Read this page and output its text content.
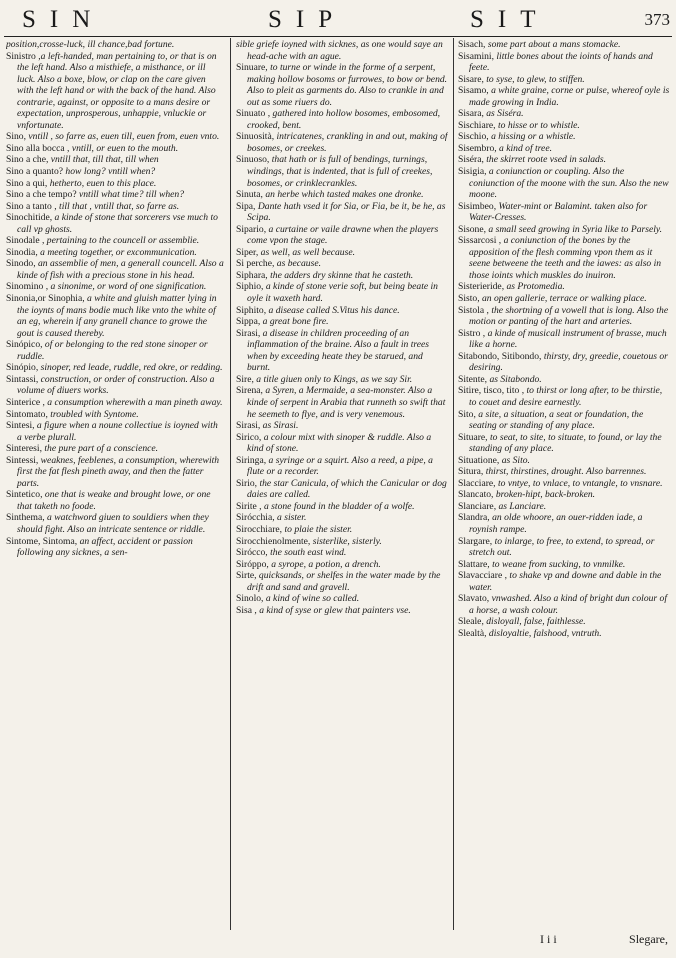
SIN	SIP	SIT	373

position,crosse-luck, ill chance,bad fortune.

Sinistro ,a left-handed, man pertaining to, or that is on the left hand. Also a misthiefe, a misthance, or ill luck. Also a boxe, blow, or clap on the care given with the left hand or with the back of the hand. Also contrarie, against, or opposite to a mans desire or expectation, unprosperous, unhappie, vnluckie or vnfortunate.

Sino, vntill , so farre as, euen till, euen from, euen vnto.

Sino alla bocca , vntill, or euen to the mouth.

Sino a che, vntill that, till that, till when

Sino a quanto? how long? vntill when?

Sino a qui, hetherto, euen to this place.

Sino a che tempo? vntill what time? till when?

Sino a tanto , till that , vntill that, so farre as.

Sinochitide, a kinde of stone that sorcerers vse much to call vp ghosts.

Sinodale , pertaining to the councell or assemblie.

Sinodia, a meeting together, or excommunication.

Sinodo, an assemblie of men, a generall councell. Also a kinde of fish with a precious stone in his head.

Sinomino , a sinonime, or word of one signification.

Sinonia,or Sinophia, a white and gluish matter lying in the ioynts of mans bodie much like vnto the white of an eg, wherein if any granell chance to growe the gout is caused thereby.

Sinópico, of or belonging to the red stone sinoper or ruddle.

Sinópio, sinoper, red leade, ruddle, red okre, or redding.

Sintassi, construction, or order of construction. Also a volume of diuers works.

Sinterice , a consumption wherewith a man pineth away.

Sintomato, troubled with Syntome.

Sintesi, a figure when a noune collectiue is ioyned with a verbe plurall.

Sinteresi, the pure part of a conscience.

Sintessi, weaknes, feeblenes, a consumption, wherewith first the fat flesh pineth away, and then the fatter parts.

Sintetico, one that is weake and brought lowe, or one that taketh no foode.

Sinthema, a watchword giuen to souldiers when they should fight. Also an intricate sentence or riddle.

Sintome, Sintoma, an affect, accident or passion following any sicknes, a sen-

sible griefe ioyned with sicknes, as one would saye an head-ache with an ague.

Sinuare, to turne or winde in the forme of a serpent, making hollow bosoms or furrowes, to bow or bend. Also to pleit as garments do. Also to crankle in and out as some riuers do.

Sinuato , gathered into hollow bosomes, embosomed, crooked, bent.

Sinuosità, intricatenes, crankling in and out, making of bosomes, or creekes.

Sinuoso, that hath or is full of bendings, turnings, windings, that is indented, that is full of creekes, bosomes, or crinklecrankles.

Sinuta, an herbe which tasted makes one dronke.

Sipa, Dante hath vsed it for Sia, or Fia, be it, be he, as Scipa.

Sipario, a curtaine or vaile drawne when the players come vpon the stage.

Siper, as well, as well because.

Si perche, as because.

Siphara, the adders dry skinne that he casteth.

Siphio, a kinde of stone verie soft, but being beate in oyle it waxeth hard.

Siphito, a disease called S.Vitus his dance.

Sippa, a great bone fire.

Sirasi, a disease in children proceeding of an inflammation of the braine. Also a fault in trees when by exceeding heate they be starued, and burnt.

Sire, a title giuen only to Kings, as we say Sir.

Sirena, a Syren, a Mermaide, a sea-monster. Also a kinde of serpent in Arabia that runneth so swift that he seemeth to flye, and is very venemous.

Sirasi, as Sirasi.

Sirico, a colour mixt with sinoper & ruddle. Also a kind of stone.

Siringa, a syringe or a squirt. Also a reed, a pipe, a flute or a recorder.

Sirio, the star Canicula, of which the Canicular or dog daies are called.

Sirite , a stone found in the bladder of a wolfe.

Sirócchia, a sister.

Sirocchiare, to plaie the sister.

Sirocchienolmente, sisterlike, sisterly.

Sirócco, the south east wind.

Siróppo, a syrope, a potion, a drench.

Sirte, quicksands, or shelfes in the water made by the drift and sand and gravell.

Sinolo, a kind of wine so called.

Sisa , a kind of syse or glew that painters vse.

Sisach, some part about a mans stomacke.

Sisamini, little bones about the ioints of hands and feete.

Sisare, to syse, to glew, to stiffen.

Sisamo, a white graine, corne or pulse, whereof oyle is made growing in India.

Sisara, as Siséra.

Sischiare, to hisse or to whistle.

Sischio, a hissing or a whistle.

Sisembro, a kind of tree.

Siséra, the skirret roote vsed in salads.

Sisigia, a coniunction or coupling. Also the coniunction of the moone with the sun. Also the new moone.

Sisimbeo, Water-mint or Balamint. taken also for Water-Cresses.

Sisone, a small seed growing in Syria like to Parsely.

Sissarcosi , a coniunction of the bones by the apposition of the flesh comming vpon them as it seene betweene the teeth and the iawes: as also in those ioints which muskles do inuiron.

Sisterieride, as Protomedia.

Sisto, an open gallerie, terrace or walking place.

Sistola , the shortning of a vowell that is long. Also the motion or panting of the hart and arteries.

Sistro , a kinde of musicall instrument of brasse, much like a horne.

Sitabondo, Sitibondo, thirsty, dry, greedie, couetous or desiring.

Sitente, as Sitabondo.

Sitire, tisco, tito , to thirst or long after, to be thirstie, to couet and desire earnestly.

Sito, a site, a situation, a seat or foundation, the seating or standing of any place.

Situare, to seat, to site, to situate, to found, or lay the standing of any place.

Situatione, as Sito.

Situra, thirst, thirstines, drought. Also barrennes.

Slacciare, to vntye, to vnlace, to vntangle, to vnsnare.

Slancato, broken-hipt, back-broken.

Slanciare, as Lanciare.

Slandra, an olde whoore, an ouer-ridden iade, a roynish rampe.

Slargare, to inlarge, to free, to extend, to spread, or stretch out.

Slattare, to weane from sucking, to vnmilke.

Slavacciare , to shake vp and downe and dable in the water.

Slavato, vnwashed. Also a kind of bright dun colour of a horse, a wash colour.

Sleale, disloyall, false, faithlesse.

Slealtà, disloyaltie, falshood, vntruth.

I i i	Slegare,
